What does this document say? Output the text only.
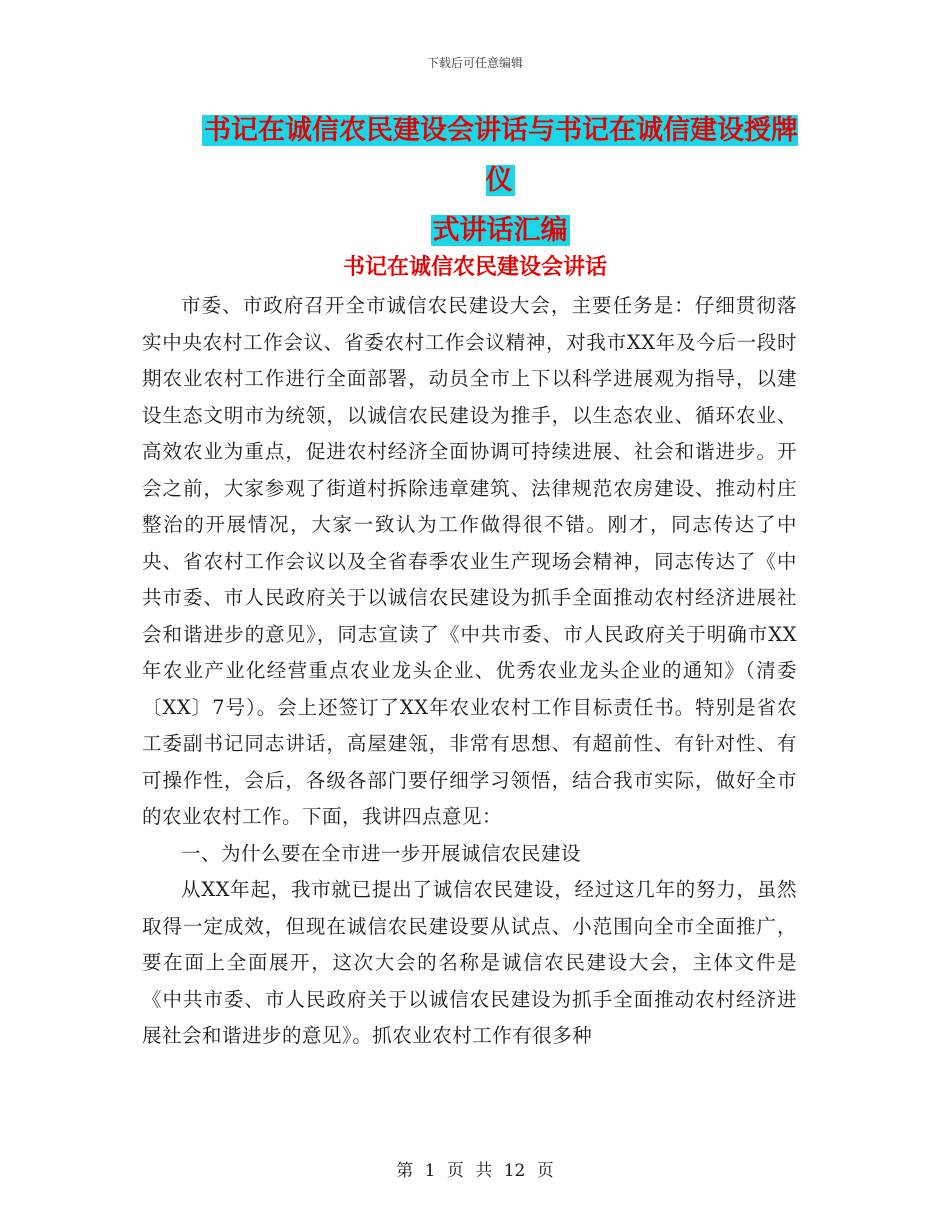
下载后可任意编辑
书记在诚信农民建设会讲话与书记在诚信建设授牌仪
式讲话汇编
书记在诚信农民建设会讲话

市委、市政府召开全市诚信农民建设大会，主要任务是：仔细贯彻落实中央农村工作会议、省委农村工作会议精神，对我市XX年及今后一段时期农业农村工作进行全面部署，动员全市上下以科学进展观为指导，以建设生态文明市为统领，以诚信农民建设为推手，以生态农业、循环农业、高效农业为重点，促进农村经济全面协调可持续进展、社会和谐进步。开会之前，大家参观了街道村拆除违章建筑、法律规范农房建设、推动村庄整治的开展情况，大家一致认为工作做得很不错。刚才，同志传达了中央、省农村工作会议以及全省春季农业生产现场会精神，同志传达了《中共市委、市人民政府关于以诚信农民建设为抓手全面推动农村经济进展社会和谐进步的意见》，同志宣读了《中共市委、市人民政府关于明确市XX年农业产业化经营重点农业龙头企业、优秀农业龙头企业的通知》（清委〔XX〕7号）。会上还签订了XX年农业农村工作目标责任书。特别是省农工委副书记同志讲话，高屋建瓴，非常有思想、有超前性、有针对性、有可操作性，会后，各级各部门要仔细学习领悟，结合我市实际，做好全市的农业农村工作。下面，我讲四点意见：

一、为什么要在全市进一步开展诚信农民建设

从XX年起，我市就已提出了诚信农民建设，经过这几年的努力，虽然取得一定成效，但现在诚信农民建设要从试点、小范围向全市全面推广，要在面上全面展开，这次大会的名称是诚信农民建设大会，主体文件是《中共市委、市人民政府关于以诚信农民建设为抓手全面推动农村经济进展社会和谐进步的意见》。抓农业农村工作有很多种

第 1 页 共 12 页
